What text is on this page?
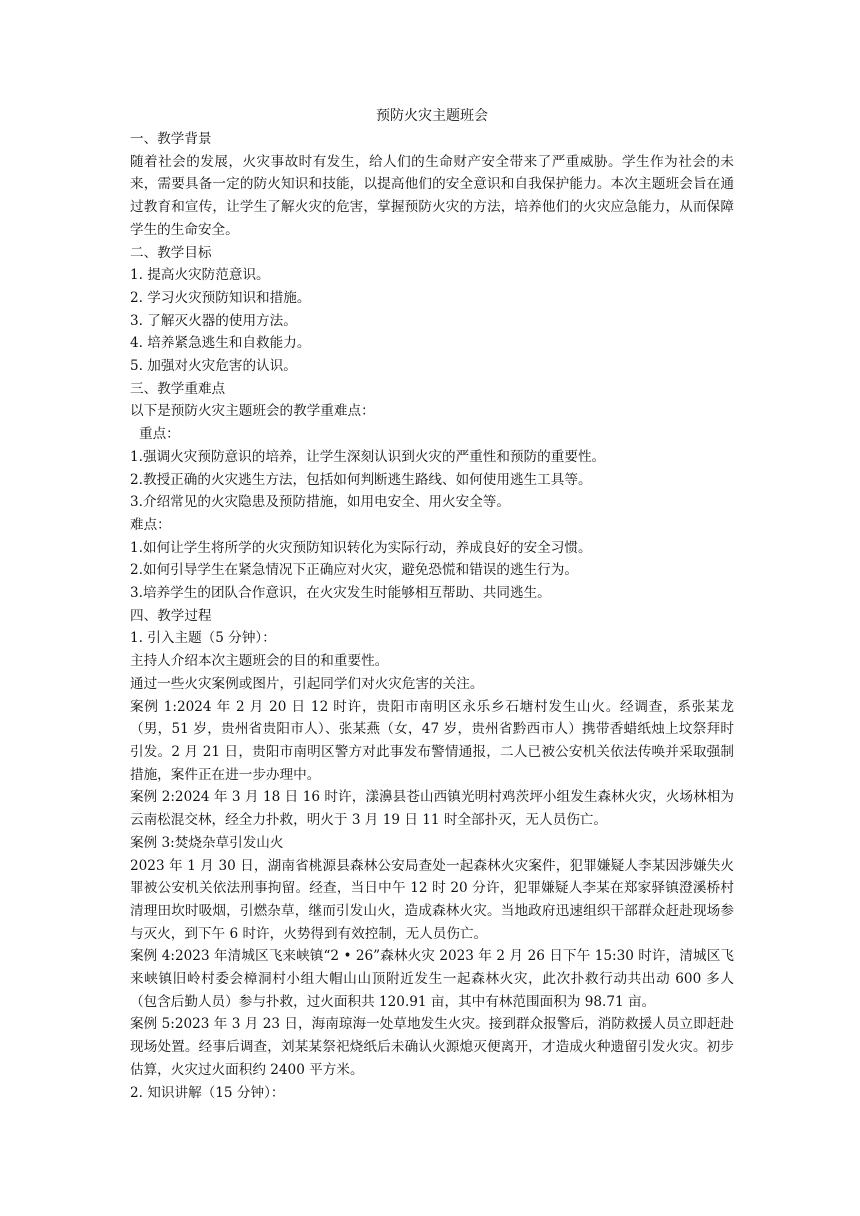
预防火灾主题班会

一、教学背景

随着社会的发展，火灾事故时有发生，给人们的生命财产安全带来了严重威胁。学生作为社会的未来，需要具备一定的防火知识和技能，以提高他们的安全意识和自我保护能力。本次主题班会旨在通过教育和宣传，让学生了解火灾的危害，掌握预防火灾的方法，培养他们的火灾应急能力，从而保障学生的生命安全。

二、教学目标

1. 提高火灾防范意识。

2. 学习火灾预防知识和措施。

3. 了解灭火器的使用方法。

4. 培养紧急逃生和自救能力。

5. 加强对火灾危害的认识。

三、教学重难点

以下是预防火灾主题班会的教学重难点：

重点：

1.强调火灾预防意识的培养，让学生深刻认识到火灾的严重性和预防的重要性。

2.教授正确的火灾逃生方法，包括如何判断逃生路线、如何使用逃生工具等。

3.介绍常见的火灾隐患及预防措施，如用电安全、用火安全等。

难点：

1.如何让学生将所学的火灾预防知识转化为实际行动，养成良好的安全习惯。

2.如何引导学生在紧急情况下正确应对火灾，避免恐慌和错误的逃生行为。

3.培养学生的团队合作意识，在火灾发生时能够相互帮助、共同逃生。

四、教学过程

1. 引入主题（5 分钟）：

主持人介绍本次主题班会的目的和重要性。

通过一些火灾案例或图片，引起同学们对火灾危害的关注。

案例 1:2024 年 2 月 20 日 12 时许，贵阳市南明区永乐乡石塘村发生山火。经调查，系张某龙（男，51 岁，贵州省贵阳市人）、张某燕（女，47 岁，贵州省黔西市人）携带香蜡纸烛上坟祭拜时引发。2 月 21 日，贵阳市南明区警方对此事发布警情通报，二人已被公安机关依法传唤并采取强制措施，案件正在进一步办理中。

案例 2:2024 年 3 月 18 日 16 时许，漾濞县苍山西镇光明村鸡茨坪小组发生森林火灾，火场林相为云南松混交林，经全力扑救，明火于 3 月 19 日 11 时全部扑灭，无人员伤亡。

案例 3:焚烧杂草引发山火

2023 年 1 月 30 日，湖南省桃源县森林公安局查处一起森林火灾案件，犯罪嫌疑人李某因涉嫌失火罪被公安机关依法刑事拘留。经查，当日中午 12 时 20 分许，犯罪嫌疑人李某在郑家驿镇澄溪桥村清理田坎时吸烟，引燃杂草，继而引发山火，造成森林火灾。当地政府迅速组织干部群众赶赴现场参与灭火，到下午 6 时许，火势得到有效控制，无人员伤亡。

案例 4:2023 年清城区飞来峡镇“2 • 26”森林火灾 2023 年 2 月 26 日下午 15:30 时许，清城区飞来峡镇旧岭村委会樟洞村小组大帽山山顶附近发生一起森林火灾，此次扑救行动共出动 600 多人（包含后勤人员）参与扑救，过火面积共 120.91 亩，其中有林范围面积为 98.71 亩。

案例 5:2023 年 3 月 23 日，海南琼海一处草地发生火灾。接到群众报警后，消防救援人员立即赶赴现场处置。经事后调查，刘某某祭祀烧纸后未确认火源熄灭便离开，才造成火种遗留引发火灾。初步估算，火灾过火面积约 2400 平方米。

2. 知识讲解（15 分钟）：
